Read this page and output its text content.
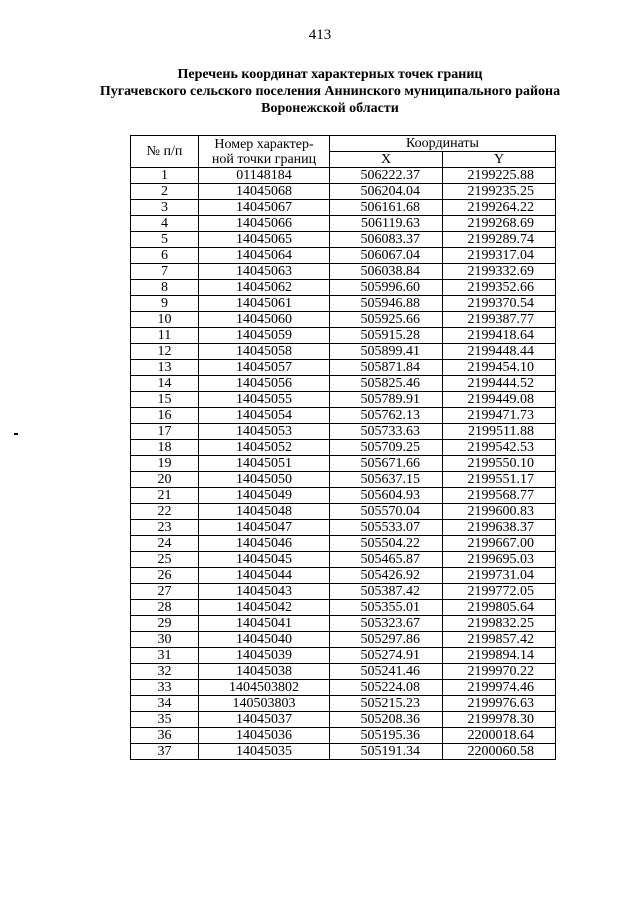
413
Перечень координат характерных точек границ
Пугачевского сельского поселения Аннинского муниципального района
Воронежской области
№ п/п	Номер характер-
ной точки границ	Координаты	
		X	Y
1	01148184	506222.37	2199225.88
2	14045068	506204.04	2199235.25
3	14045067	506161.68	2199264.22
4	14045066	506119.63	2199268.69
5	14045065	506083.37	2199289.74
6	14045064	506067.04	2199317.04
7	14045063	506038.84	2199332.69
8	14045062	505996.60	2199352.66
9	14045061	505946.88	2199370.54
10	14045060	505925.66	2199387.77
11	14045059	505915.28	2199418.64
12	14045058	505899.41	2199448.44
13	14045057	505871.84	2199454.10
14	14045056	505825.46	2199444.52
15	14045055	505789.91	2199449.08
16	14045054	505762.13	2199471.73
17	14045053	505733.63	2199511.88
18	14045052	505709.25	2199542.53
19	14045051	505671.66	2199550.10
20	14045050	505637.15	2199551.17
21	14045049	505604.93	2199568.77
22	14045048	505570.04	2199600.83
23	14045047	505533.07	2199638.37
24	14045046	505504.22	2199667.00
25	14045045	505465.87	2199695.03
26	14045044	505426.92	2199731.04
27	14045043	505387.42	2199772.05
28	14045042	505355.01	2199805.64
29	14045041	505323.67	2199832.25
30	14045040	505297.86	2199857.42
31	14045039	505274.91	2199894.14
32	14045038	505241.46	2199970.22
33	1404503802	505224.08	2199974.46
34	140503803	505215.23	2199976.63
35	14045037	505208.36	2199978.30
36	14045036	505195.36	2200018.64
37	14045035	505191.34	2200060.58
